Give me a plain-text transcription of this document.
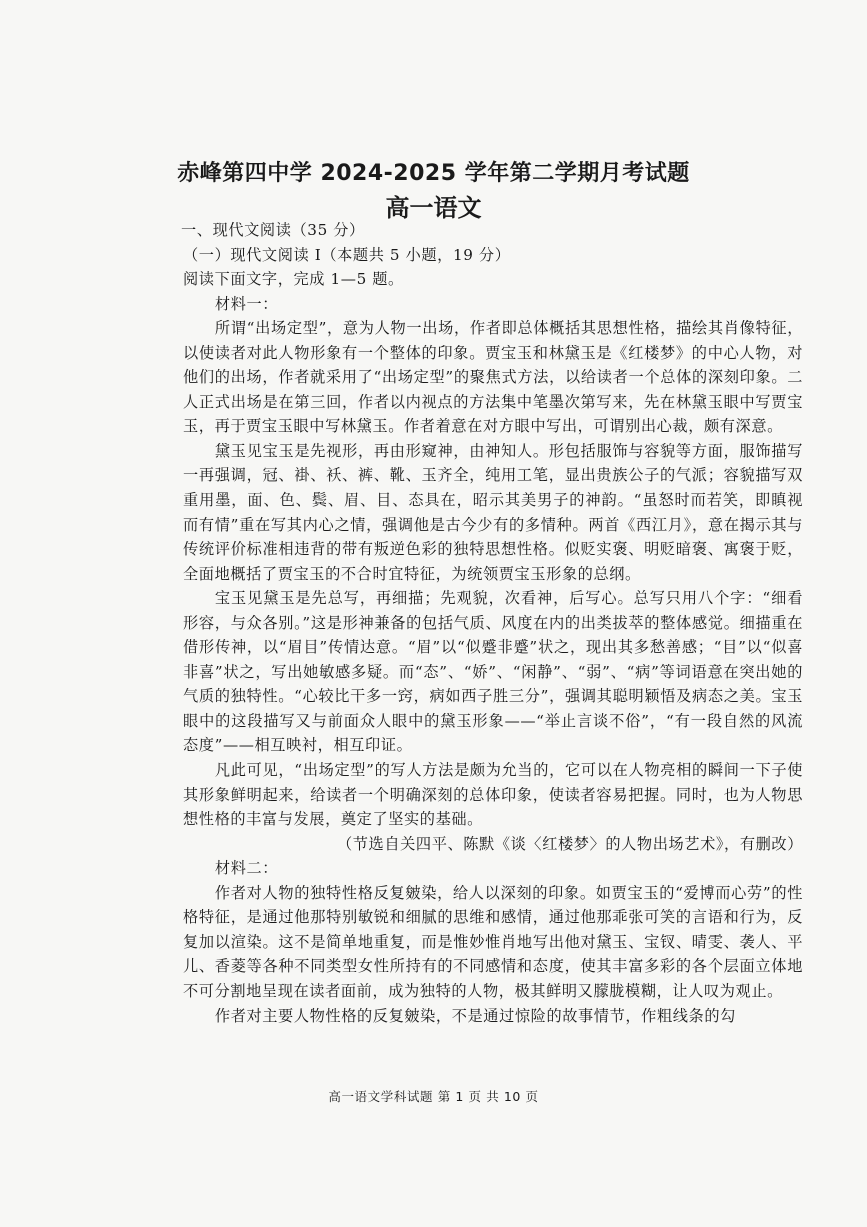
赤峰第四中学 2024-2025 学年第二学期月考试题
高一语文

一、现代文阅读（35 分）

（一）现代文阅读 I（本题共 5 小题，19 分）

阅读下面文字，完成 1—5 题。

材料一：

所谓“出场定型”，意为人物一出场，作者即总体概括其思想性格，描绘其肖像特征，以使读者对此人物形象有一个整体的印象。贾宝玉和林黛玉是《红楼梦》的中心人物，对他们的出场，作者就采用了“出场定型”的聚焦式方法，以给读者一个总体的深刻印象。二人正式出场是在第三回，作者以内视点的方法集中笔墨次第写来，先在林黛玉眼中写贾宝玉，再于贾宝玉眼中写林黛玉。作者着意在对方眼中写出，可谓别出心裁，颇有深意。

黛玉见宝玉是先视形，再由形窥神，由神知人。形包括服饰与容貌等方面，服饰描写一再强调，冠、褂、袄、裤、靴、玉齐全，纯用工笔，显出贵族公子的气派；容貌描写双重用墨，面、色、鬓、眉、目、态具在，昭示其美男子的神韵。“虽怒时而若笑，即瞋视而有情”重在写其内心之情，强调他是古今少有的多情种。两首《西江月》，意在揭示其与传统评价标准相违背的带有叛逆色彩的独特思想性格。似贬实褒、明贬暗褒、寓褒于贬，全面地概括了贾宝玉的不合时宜特征，为统领贾宝玉形象的总纲。

宝玉见黛玉是先总写，再细描；先观貌，次看神，后写心。总写只用八个字：“细看形容，与众各别。”这是形神兼备的包括气质、风度在内的出类拔萃的整体感觉。细描重在借形传神，以“眉目”传情达意。“眉”以“似蹙非蹙”状之，现出其多愁善感；“目”以“似喜非喜”状之，写出她敏感多疑。而“态”、“娇”、“闲静”、“弱”、“病”等词语意在突出她的气质的独特性。“心较比干多一窍，病如西子胜三分”，强调其聪明颖悟及病态之美。宝玉眼中的这段描写又与前面众人眼中的黛玉形象——“举止言谈不俗”，“有一段自然的风流态度”——相互映衬，相互印证。

凡此可见，“出场定型”的写人方法是颇为允当的，它可以在人物亮相的瞬间一下子使其形象鲜明起来，给读者一个明确深刻的总体印象，使读者容易把握。同时，也为人物思想性格的丰富与发展，奠定了坚实的基础。

（节选自关四平、陈默《谈〈红楼梦〉的人物出场艺术》，有删改）

材料二：

作者对人物的独特性格反复皴染，给人以深刻的印象。如贾宝玉的“爱博而心劳”的性格特征，是通过他那特别敏锐和细腻的思维和感情，通过他那乖张可笑的言语和行为，反复加以渲染。这不是简单地重复，而是惟妙惟肖地写出他对黛玉、宝钗、晴雯、袭人、平儿、香菱等各种不同类型女性所持有的不同感情和态度，使其丰富多彩的各个层面立体地不可分割地呈现在读者面前，成为独特的人物，极其鲜明又朦胧模糊，让人叹为观止。

作者对主要人物性格的反复皴染，不是通过惊险的故事情节，作粗线条的勾

高一语文学科试题 第 1 页 共 10 页
